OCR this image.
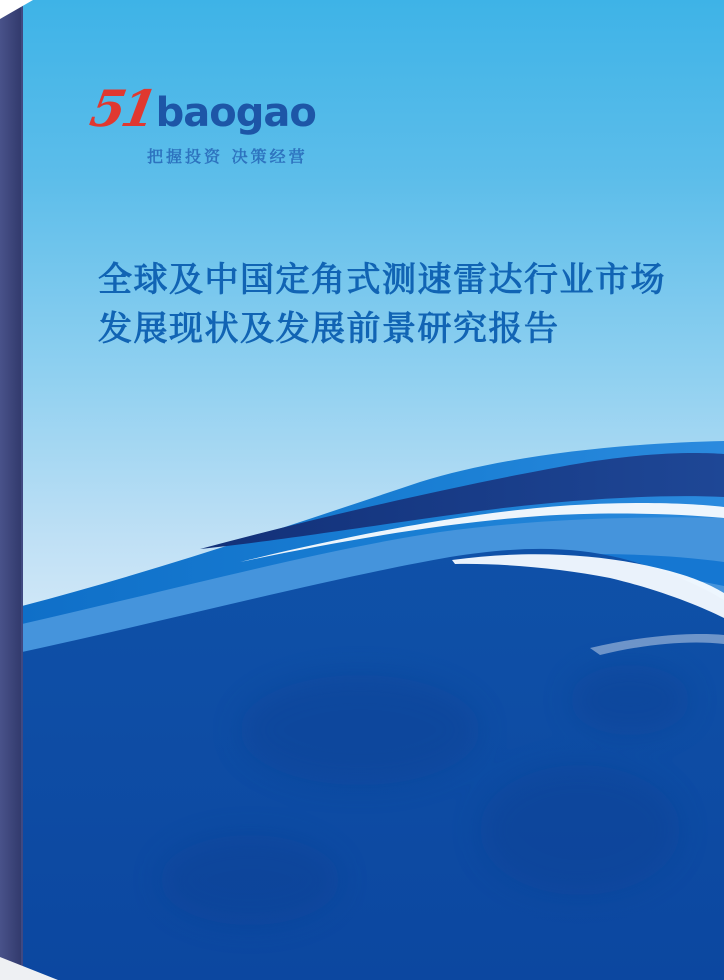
51
baogao
把握投资 决策经营
全球及中国定角式测速雷达行业市场
发展现状及发展前景研究报告
